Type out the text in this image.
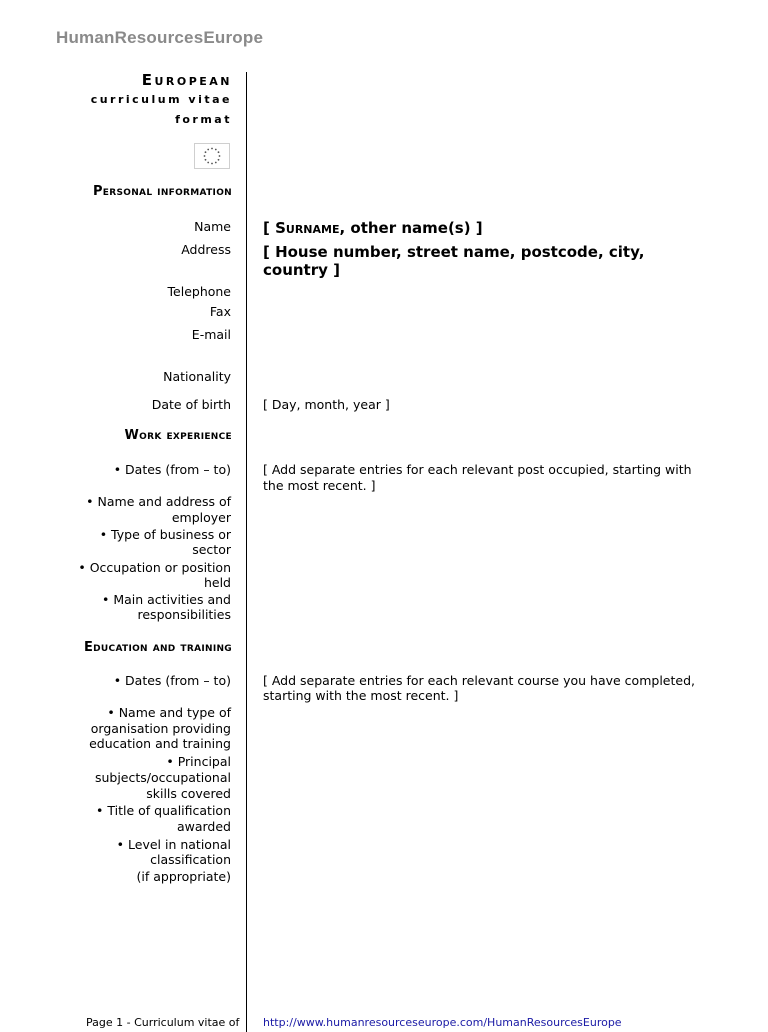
HumanResourcesEurope
European
curriculum vitae
format
Personal information
Name [ Surname, other name(s) ]
Address [ House number, street name, postcode, city,
country ]
Telephone
Fax
E-mail
Nationality
Date of birth	[ Day, month, year ]
Work experience
• Dates (from – to)	[ Add separate entries for each relevant post occupied, starting with
the most recent. ]
• Name and address of
employer
• Type of business or
sector
• Occupation or position
held
• Main activities and
responsibilities
Education and training
• Dates (from – to)	[ Add separate entries for each relevant course you have completed,
starting with the most recent. ]
• Name and type of
organisation providing
education and training
• Principal
subjects/occupational
skills covered
• Title of qualification
awarded
• Level in national
classification
(if appropriate)
Page 1 - Curriculum vitae of http://www.humanresourceseurope.com/HumanResourcesEurope
